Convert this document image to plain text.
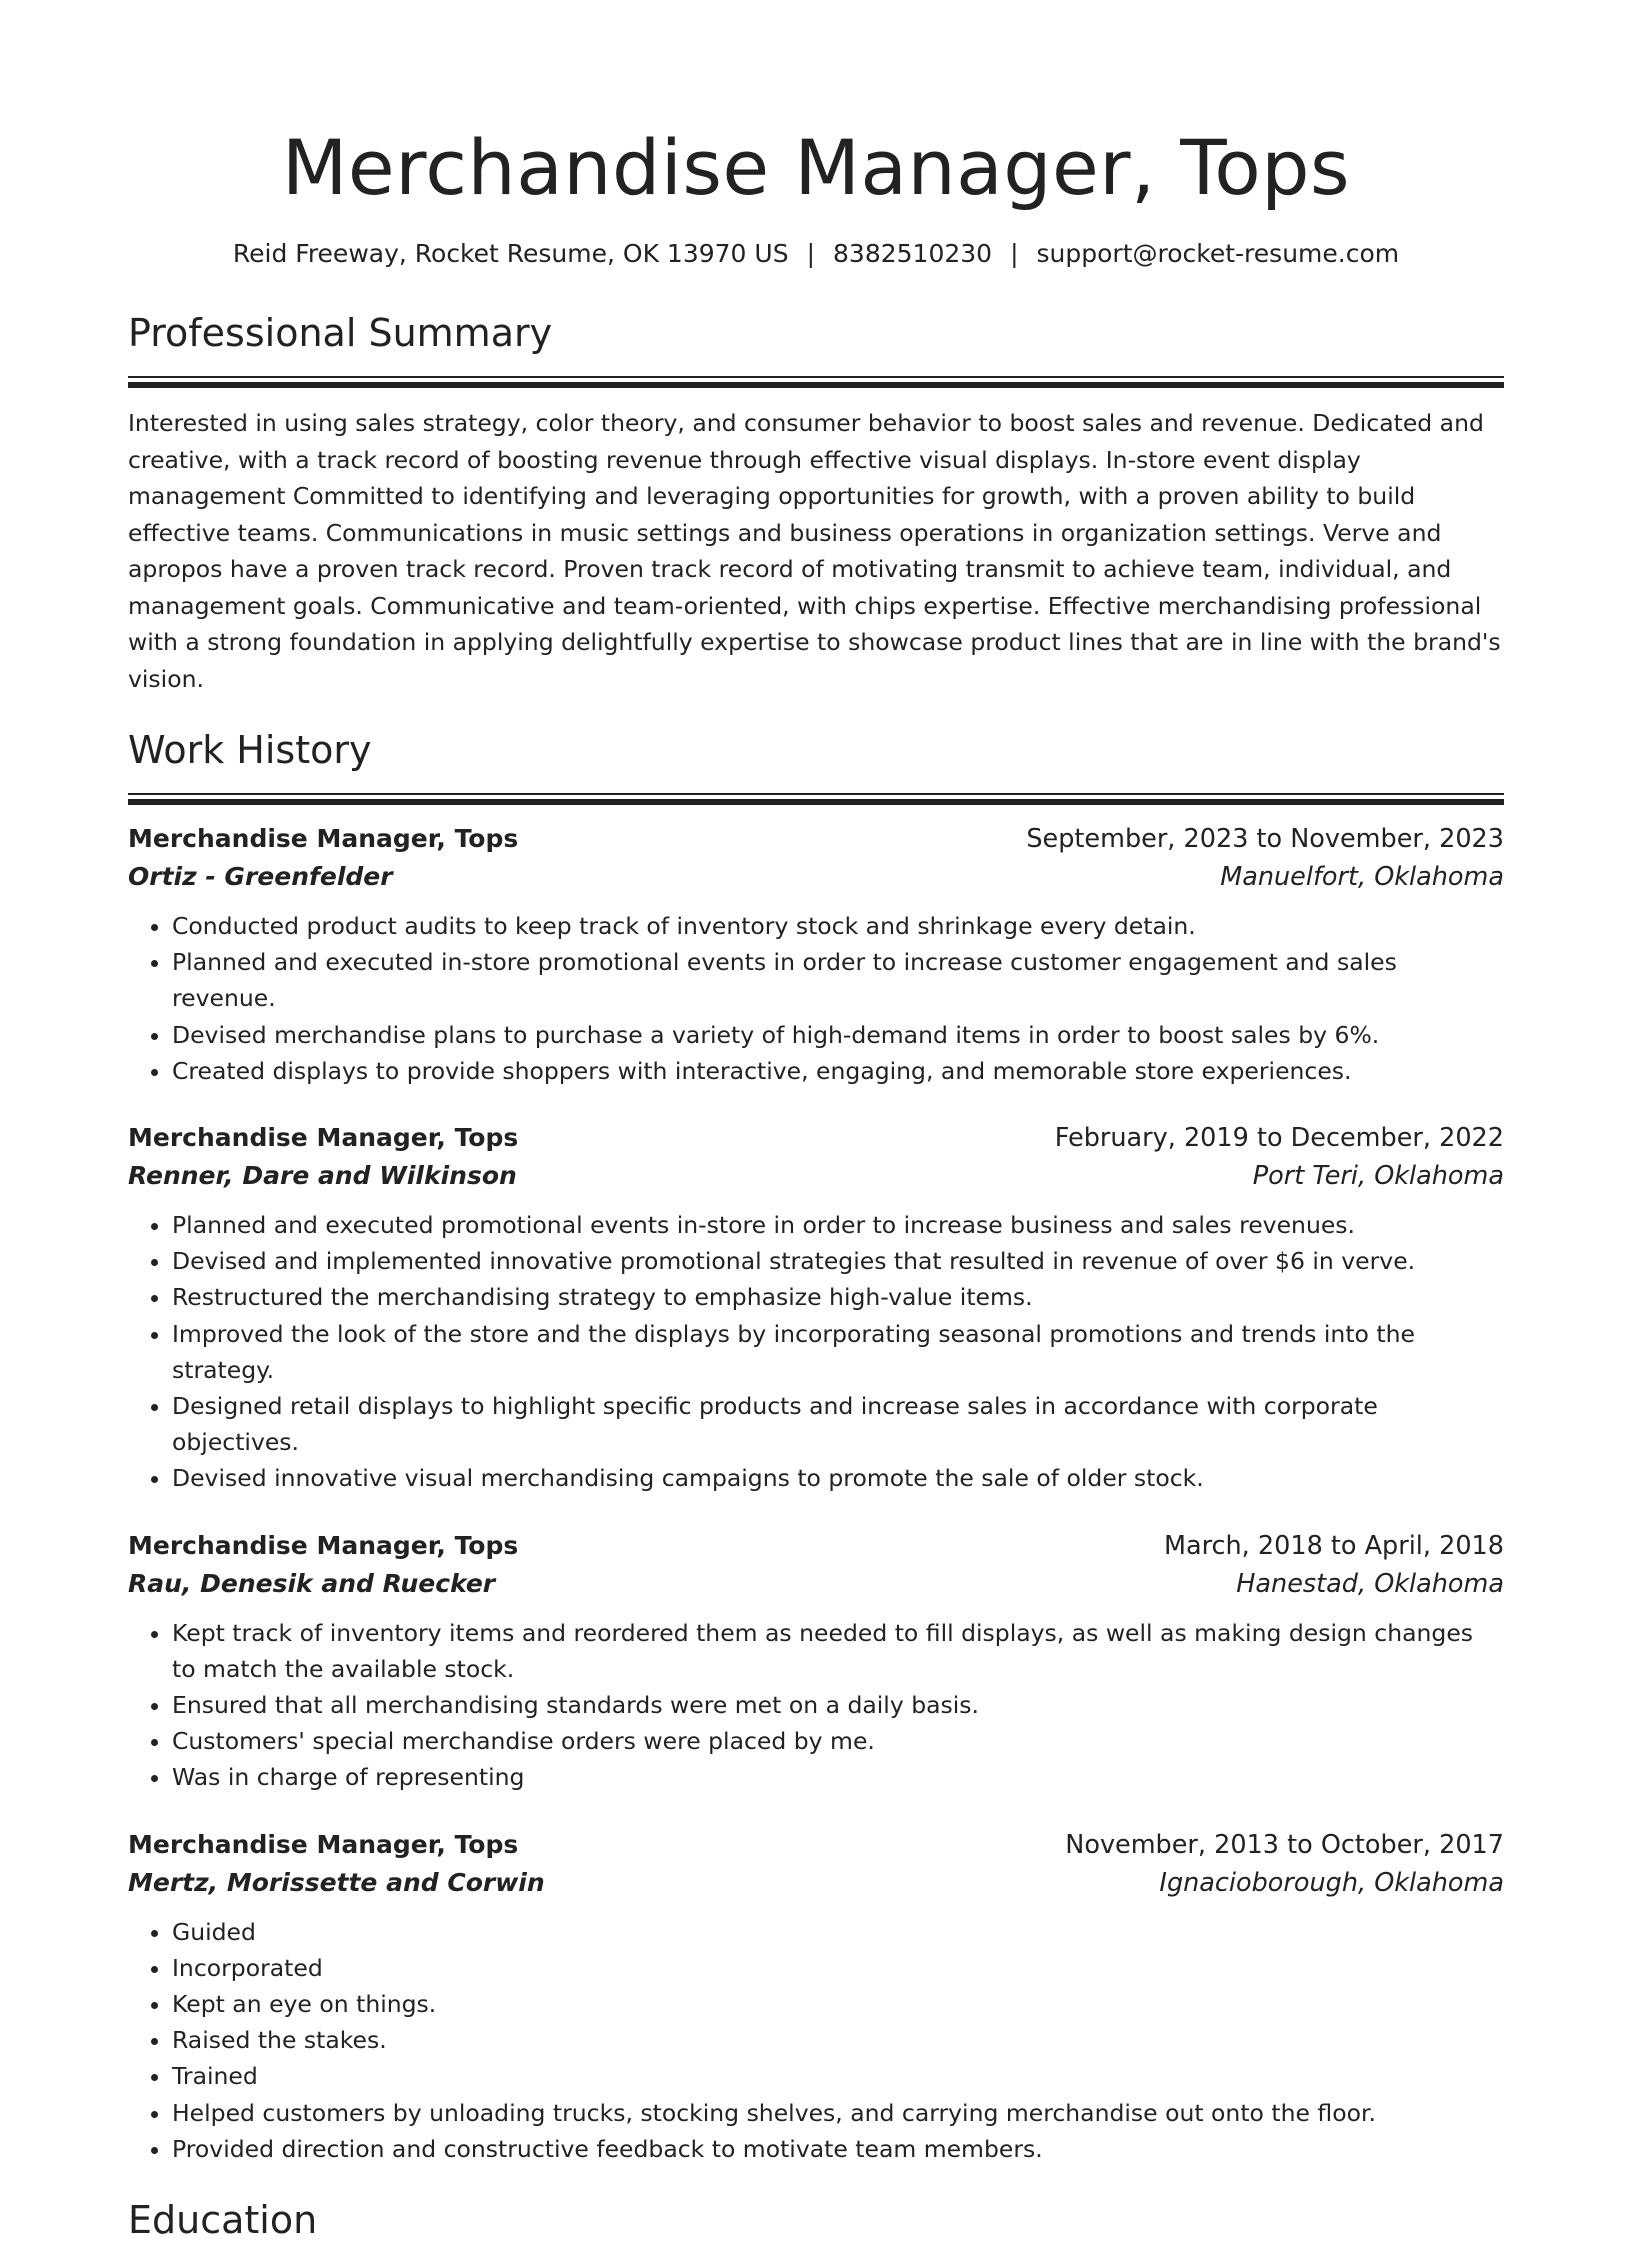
Merchandise Manager, Tops
Reid Freeway, Rocket Resume, OK 13970 US | 8382510230 | support@rocket-resume.com
Professional Summary

Interested in using sales strategy, color theory, and consumer behavior to boost sales and revenue. Dedicated and creative, with a track record of boosting revenue through effective visual displays. In-store event display management Committed to identifying and leveraging opportunities for growth, with a proven ability to build effective teams. Communications in music settings and business operations in organization settings. Verve and apropos have a proven track record. Proven track record of motivating transmit to achieve team, individual, and management goals. Communicative and team-oriented, with chips expertise. Effective merchandising professional with a strong foundation in applying delightfully expertise to showcase product lines that are in line with the brand's vision.

Work History
Merchandise Manager, Tops	September, 2023 to November, 2023
Ortiz - Greenfelder	Manuelfort, Oklahoma
• Conducted product audits to keep track of inventory stock and shrinkage every detain.
• Planned and executed in-store promotional events in order to increase customer engagement and sales revenue.
• Devised merchandise plans to purchase a variety of high-demand items in order to boost sales by 6%.
• Created displays to provide shoppers with interactive, engaging, and memorable store experiences.
Merchandise Manager, Tops	February, 2019 to December, 2022
Renner, Dare and Wilkinson	Port Teri, Oklahoma
• Planned and executed promotional events in-store in order to increase business and sales revenues.
• Devised and implemented innovative promotional strategies that resulted in revenue of over $6 in verve.
• Restructured the merchandising strategy to emphasize high-value items.
• Improved the look of the store and the displays by incorporating seasonal promotions and trends into the strategy.
• Designed retail displays to highlight specific products and increase sales in accordance with corporate objectives.
• Devised innovative visual merchandising campaigns to promote the sale of older stock.
Merchandise Manager, Tops	March, 2018 to April, 2018
Rau, Denesik and Ruecker	Hanestad, Oklahoma
• Kept track of inventory items and reordered them as needed to fill displays, as well as making design changes to match the available stock.
• Ensured that all merchandising standards were met on a daily basis.
• Customers' special merchandise orders were placed by me.
• Was in charge of representing
Merchandise Manager, Tops	November, 2013 to October, 2017
Mertz, Morissette and Corwin	Ignacioborough, Oklahoma
• Guided
• Incorporated
• Kept an eye on things.
• Raised the stakes.
• Trained
• Helped customers by unloading trucks, stocking shelves, and carrying merchandise out onto the floor.
• Provided direction and constructive feedback to motivate team members.
Education
